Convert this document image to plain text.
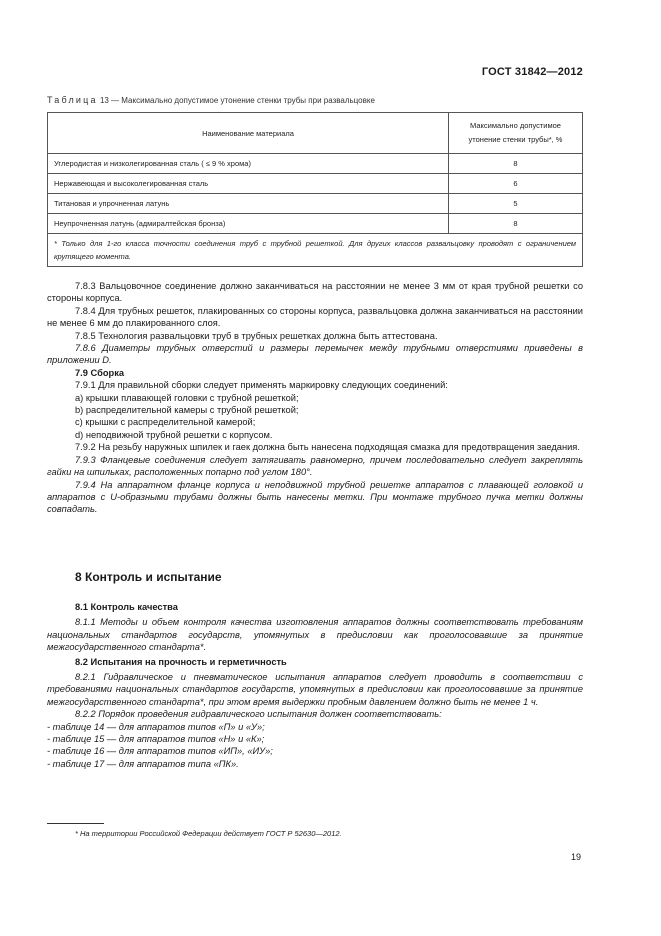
ГОСТ 31842—2012
Таблица 13 — Максимально допустимое утонение стенки трубы при развальцовке
Наименование материала	Максимально допустимое
утонение стенки трубы*, %
Углеродистая и низколегированная сталь ( ≤ 9 % хрома)	8
Нержавеющая и высоколегированная сталь	6
Титановая и упрочненная латунь	5
Неупрочненная латунь (адмиралтейская бронза)	8
* Только для 1-го класса точности соединения труб с трубной решеткой. Для других классов развальцовку проводят с ограничением крутящего момента.	

7.8.3 Вальцовочное соединение должно заканчиваться на расстоянии не менее 3 мм от края трубной решетки со стороны корпуса.

7.8.4 Для трубных решеток, плакированных со стороны корпуса, развальцовка должна заканчиваться на расстоянии не менее 6 мм до плакированного слоя.

7.8.5 Технология развальцовки труб в трубных решетках должна быть аттестована.

7.8.6 Диаметры трубных отверстий и размеры перемычек между трубными отверстиями приведены в приложении D.

7.9 Сборка

7.9.1 Для правильной сборки следует применять маркировку следующих соединений:

a) крышки плавающей головки с трубной решеткой;

b) распределительной камеры с трубной решеткой;

c) крышки с распределительной камерой;

d) неподвижной трубной решетки с корпусом.

7.9.2 На резьбу наружных шпилек и гаек должна быть нанесена подходящая смазка для предотвращения заедания.

7.9.3 Фланцевые соединения следует затягивать равномерно, причем последовательно следует закреплять гайки на шпильках, расположенных попарно под углом 180°.

7.9.4 На аппаратном фланце корпуса и неподвижной трубной решетке аппаратов с плавающей головкой и аппаратов с U-образными трубами должны быть нанесены метки. При монтаже трубного пучка метки должны совпадать.

8 Контроль и испытание

8.1 Контроль качества

8.1.1 Методы и объем контроля качества изготовления аппаратов должны соответствовать требованиям национальных стандартов государств, упомянутых в предисловии как проголосовавшие за принятие межгосударственного стандарта*.

8.2 Испытания на прочность и герметичность

8.2.1 Гидравлическое и пневматическое испытания аппаратов следует проводить в соответствии с требованиями национальных стандартов государств, упомянутых в предисловии как проголосовавшие за принятие межгосударственного стандарта*, при этом время выдержки пробным давлением должно быть не менее 1 ч.

8.2.2 Порядок проведения гидравлического испытания должен соответствовать:

- таблице 14 — для аппаратов типов «П» и «У»;

- таблице 15 — для аппаратов типов «Н» и «К»;

- таблице 16 — для аппаратов типов «ИП», «ИУ»;

- таблице 17 — для аппаратов типа «ПК».

* На территории Российской Федерации действует ГОСТ Р 52630—2012.
19
